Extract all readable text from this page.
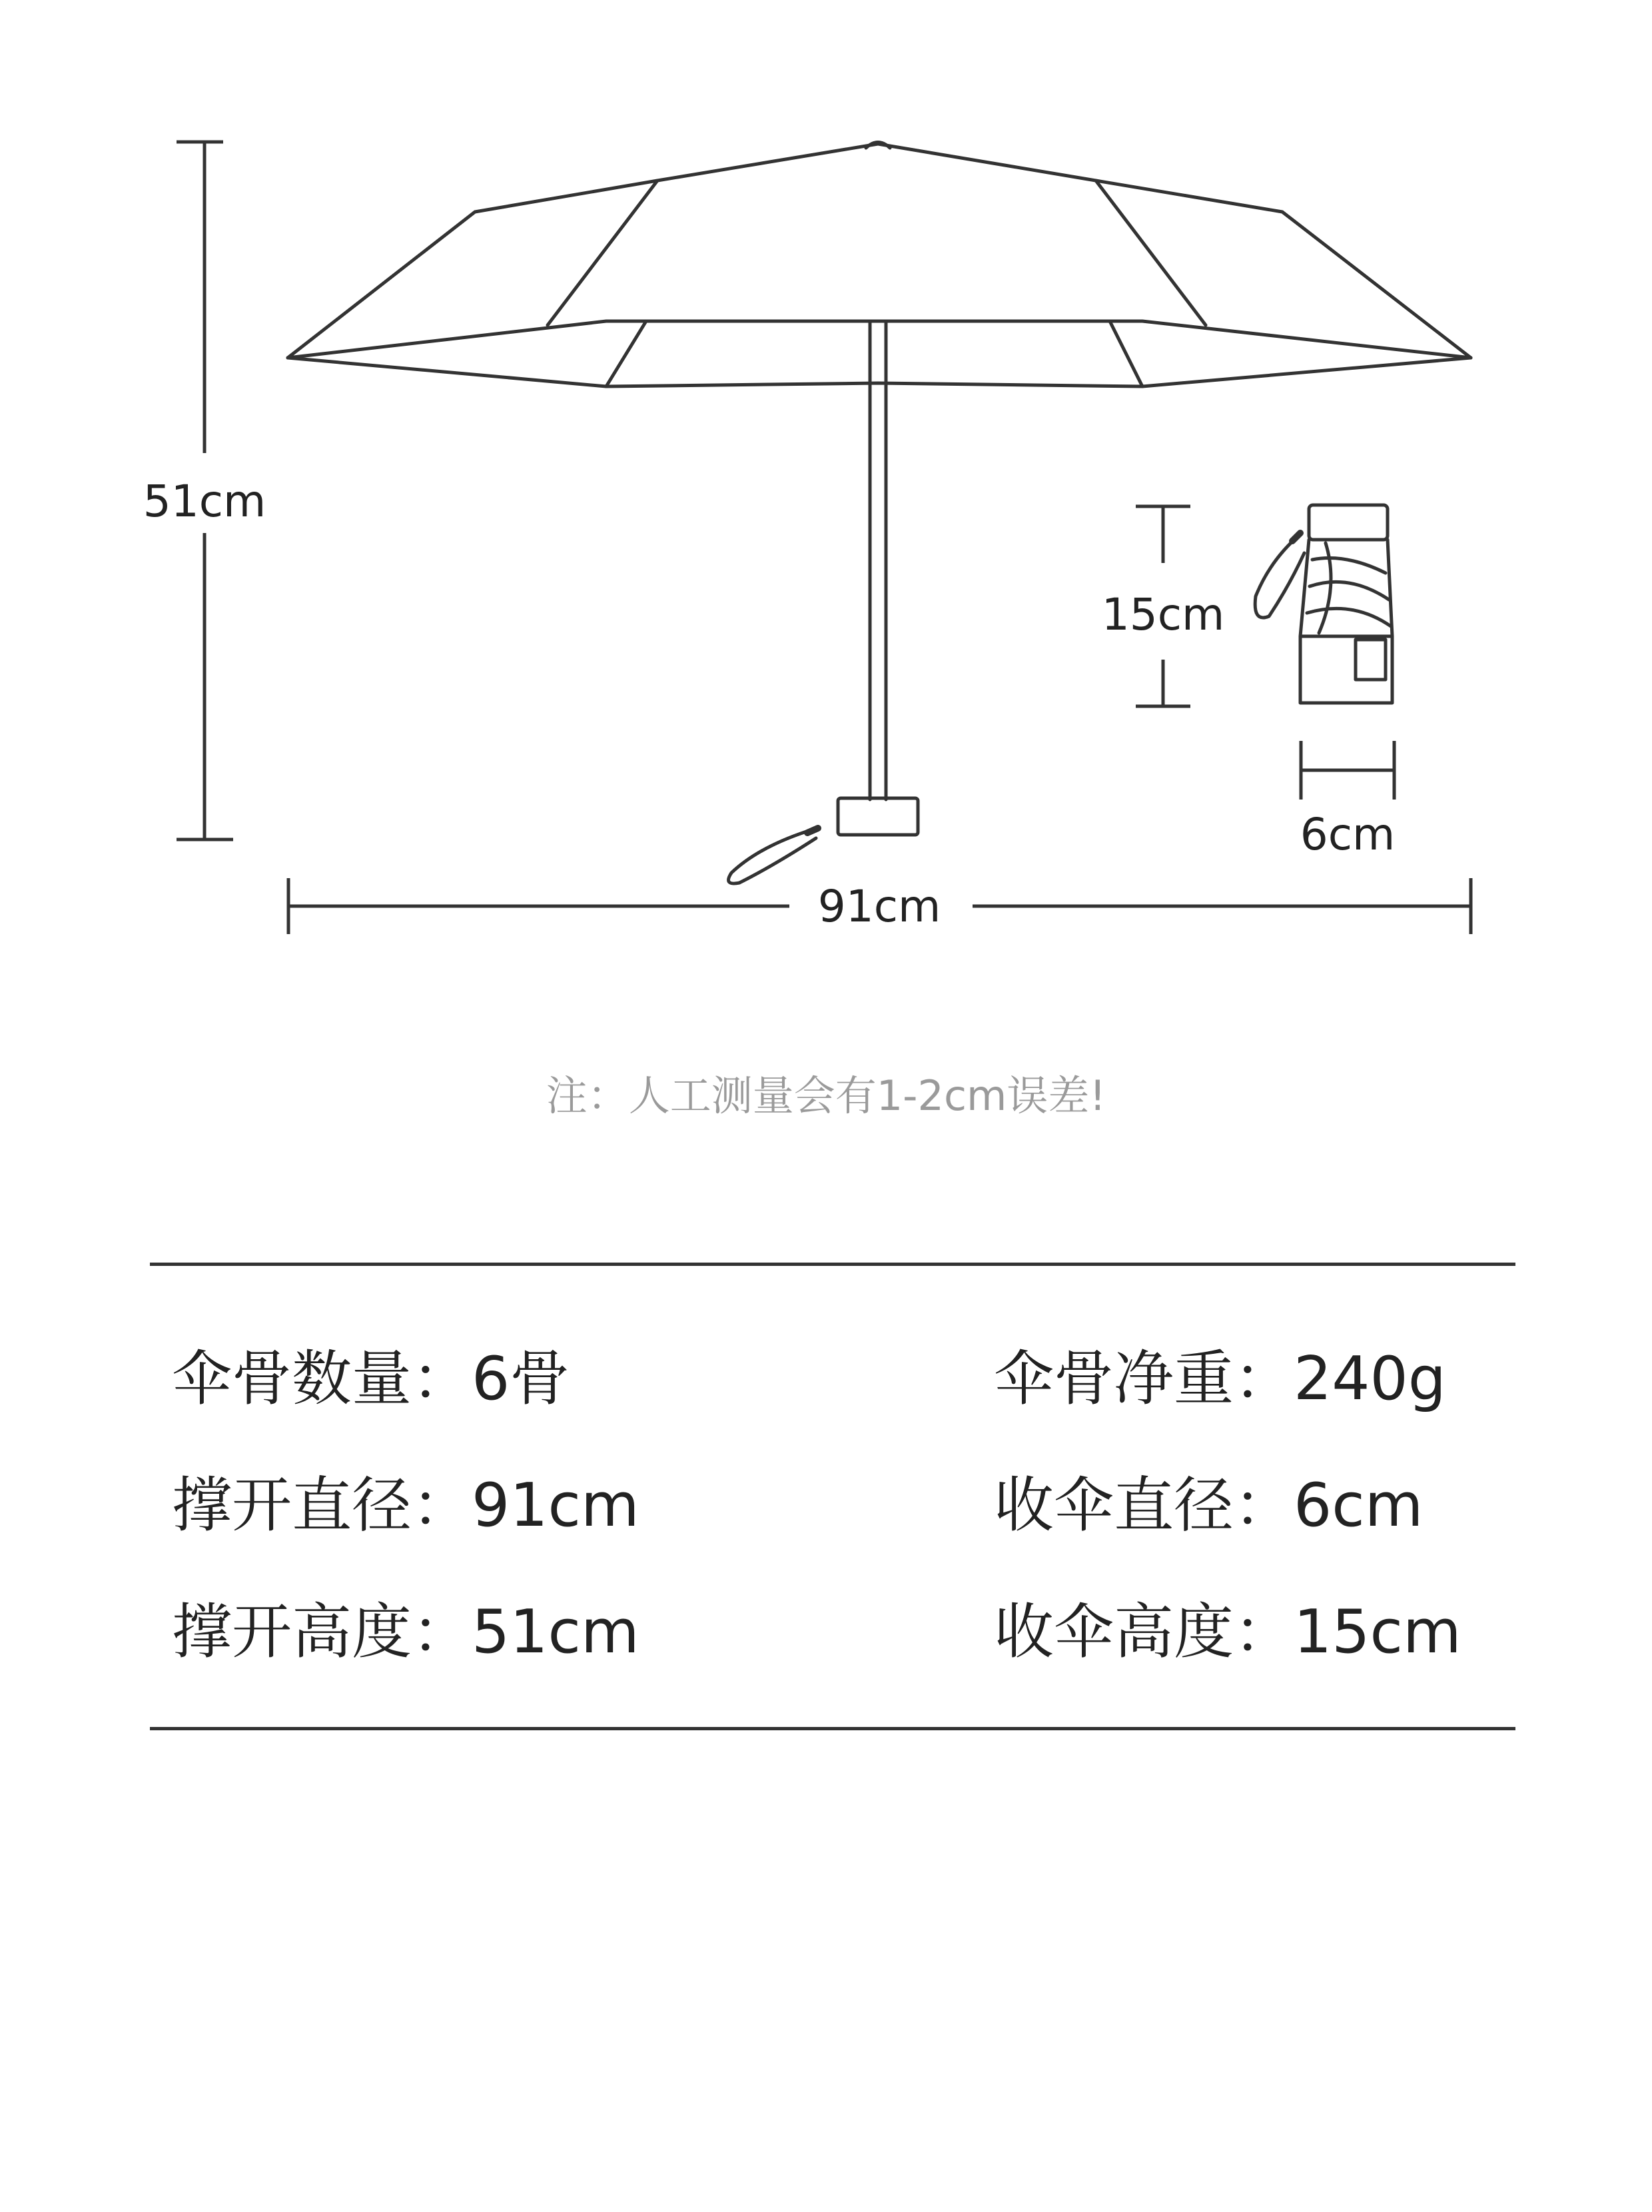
51cm
91cm
15cm
6cm
注：人工测量会有1-2cm误差!
伞骨数量：6骨
撑开直径：91cm
撑开高度：51cm
伞骨净重：240g
收伞直径：6cm
收伞高度：15cm
